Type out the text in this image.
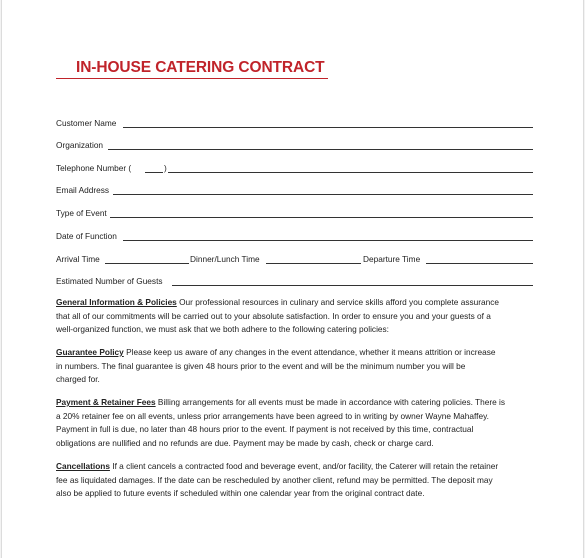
IN-HOUSE CATERING CONTRACT
Customer Name
Organization
Telephone Number (	)
Email Address
Type of Event
Date of Function
Arrival Time	Dinner/Lunch Time	Departure Time
Estimated Number of Guests
General Information & Policies Our professional resources in culinary and service skills afford you complete assurance
that all of our commitments will be carried out to your absolute satisfaction. In order to ensure you and your guests of a
well-organized function, we must ask that we both adhere to the following catering policies:
Guarantee Policy Please keep us aware of any changes in the event attendance, whether it means attrition or increase
in numbers. The final guarantee is given 48 hours prior to the event and will be the minimum number you will be
charged for.
Payment & Retainer Fees Billing arrangements for all events must be made in accordance with catering policies. There is
a 20% retainer fee on all events, unless prior arrangements have been agreed to in writing by owner Wayne Mahaffey.
Payment in full is due, no later than 48 hours prior to the event. If payment is not received by this time, contractual
obligations are nullified and no refunds are due. Payment may be made by cash, check or charge card.
Cancellations If a client cancels a contracted food and beverage event, and/or facility, the Caterer will retain the retainer
fee as liquidated damages. If the date can be rescheduled by another client, refund may be permitted. The deposit may
also be applied to future events if scheduled within one calendar year from the original contract date.
